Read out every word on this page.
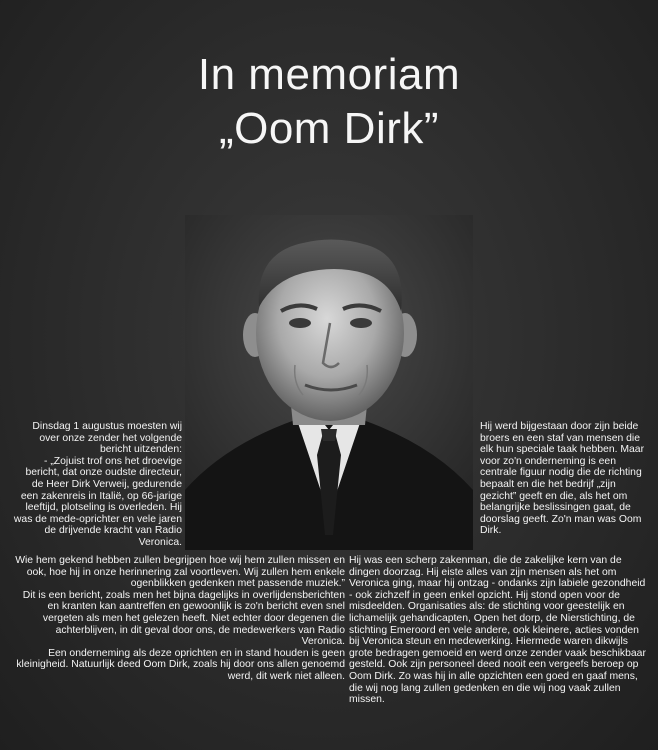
In memoriam
„Oom Dirk”

Dinsdag 1 augustus moesten wij over onze zender het volgende bericht uitzenden:

- „Zojuist trof ons het droevige bericht, dat onze oudste directeur, de Heer Dirk Verweij, gedurende een zakenreis in Italië, op 66-jarige leeftijd, plotseling is overleden. Hij was de mede-oprichter en vele jaren de drijvende kracht van Radio Veronica.

Wie hem gekend hebben zullen begrijpen hoe wij hem zullen missen en ook, hoe hij in onze herinnering zal voortleven. Wij zullen hem enkele ogenblikken gedenken met passende muziek.”

Dit is een bericht, zoals men het bijna dagelijks in overlijdensberichten en kranten kan aantreffen en gewoonlijk is zo'n bericht even snel vergeten als men het gelezen heeft. Niet echter door degenen die achterblijven, in dit geval door ons, de medewerkers van Radio Veronica.

Een onderneming als deze oprichten en in stand houden is geen kleinigheid. Natuurlijk deed Oom Dirk, zoals hij door ons allen genoemd werd, dit werk niet alleen.

Hij werd bijgestaan door zijn beide broers en een staf van mensen die elk hun speciale taak hebben. Maar voor zo'n onderneming is een centrale figuur nodig die de richting bepaalt en die het bedrijf „zijn gezicht” geeft en die, als het om belangrijke beslissingen gaat, de doorslag geeft. Zo'n man was Oom Dirk.

Hij was een scherp zakenman, die de zakelijke kern van de dingen doorzag. Hij eiste alles van zijn mensen als het om Veronica ging, maar hij ontzag - ondanks zijn labiele gezondheid - ook zichzelf in geen enkel opzicht. Hij stond open voor de misdeelden. Organisaties als: de stichting voor geestelijk en lichamelijk gehandicapten, Open het dorp, de Nierstichting, de stichting Emeroord en vele andere, ook kleinere, acties vonden bij Veronica steun en medewerking. Hiermede waren dikwijls grote bedragen gemoeid en werd onze zender vaak beschikbaar gesteld. Ook zijn personeel deed nooit een vergeefs beroep op Oom Dirk. Zo was hij in alle opzichten een goed en gaaf mens, die wij nog lang zullen gedenken en die wij nog vaak zullen missen.
